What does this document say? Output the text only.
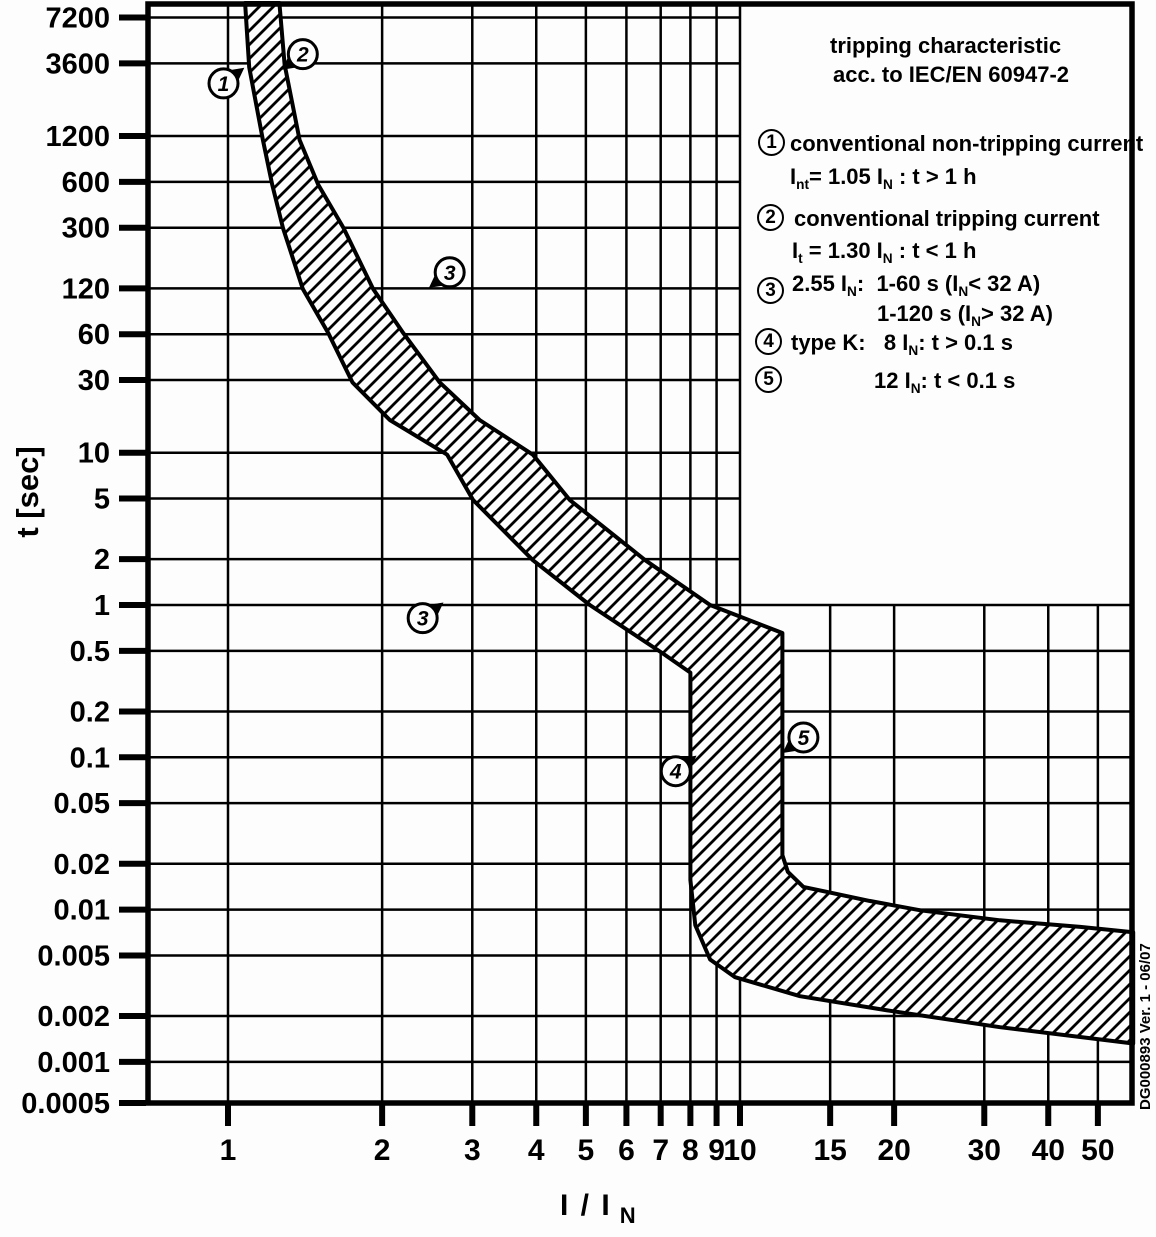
7200
3600
1200
600
300
120
60
30
10
5
2
1
0.5
0.2
0.1
0.05
0.02
0.01
0.005
0.002
0.001
0.0005
1	2 3 4 5 6 7 8 9
10 15 20 30 40 50
t [sec]
I / I $_N$
1
2
3
3
4
5
DG000893 Ver. 1 - 06/07
tripping characteristic
acc. to IEC/EN 60947-2
1 conventional non-tripping current
$I_{nt}= 1.05$ $I_N$ : t > 1 h
2 conventional tripping current
$I_t = 1.30$ $I_N$ : t < 1 h
3 2.55 $I_N$:  1-60 s ($I_N< 32$ A)
1-120 s ($I_N> 32$ A)
4 type K:   8 $I_N$: t > 0.1 s
5	12 $I_N$: t < 0.1 s
